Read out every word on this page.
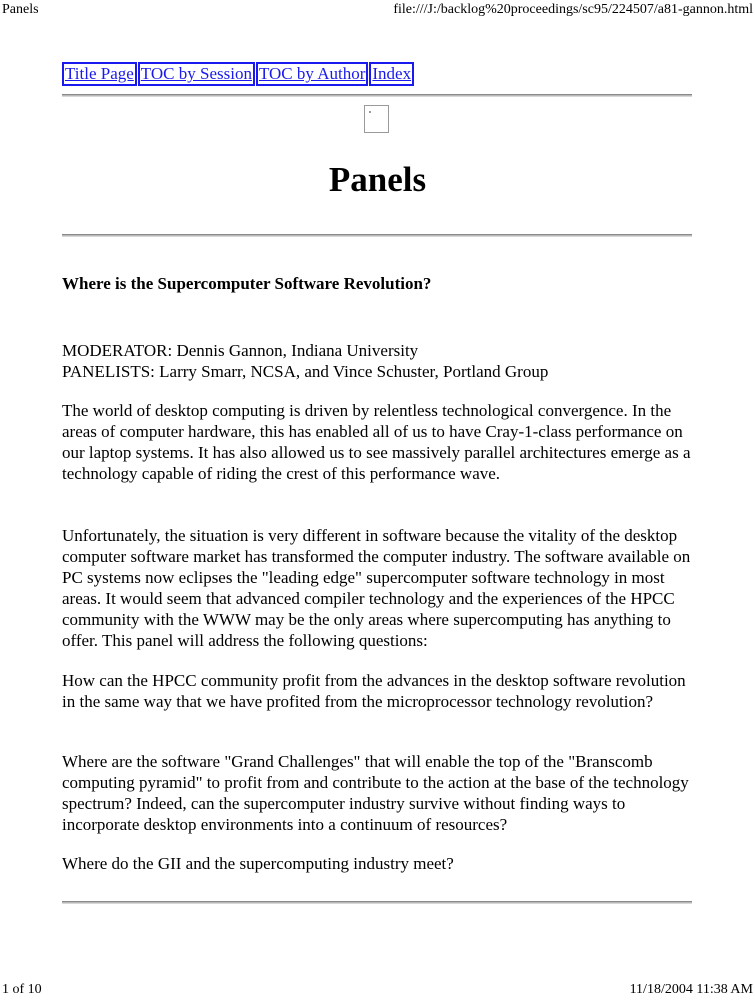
Panels	file:///J:/backlog%20proceedings/sc95/224507/a81-gannon.html
Title Page TOC by Session TOC by Author Index
Panels
Where is the Supercomputer Software Revolution?
MODERATOR: Dennis Gannon, Indiana University
PANELISTS: Larry Smarr, NCSA, and Vince Schuster, Portland Group

The world of desktop computing is driven by relentless technological convergence. In the areas of computer hardware, this has enabled all of us to have Cray-1-class performance on our laptop systems. It has also allowed us to see massively parallel architectures emerge as a technology capable of riding the crest of this performance wave.

Unfortunately, the situation is very different in software because the vitality of the desktop computer software market has transformed the computer industry. The software available on PC systems now eclipses the "leading edge" supercomputer software technology in most areas. It would seem that advanced compiler technology and the experiences of the HPCC community with the WWW may be the only areas where supercomputing has anything to offer. This panel will address the following questions:

How can the HPCC community profit from the advances in the desktop software revolution in the same way that we have profited from the microprocessor technology revolution?

Where are the software "Grand Challenges" that will enable the top of the "Branscomb computing pyramid" to profit from and contribute to the action at the base of the technology spectrum? Indeed, can the supercomputer industry survive without finding ways to incorporate desktop environments into a continuum of resources?

Where do the GII and the supercomputing industry meet?

1 of 10	11/18/2004 11:38 AM
